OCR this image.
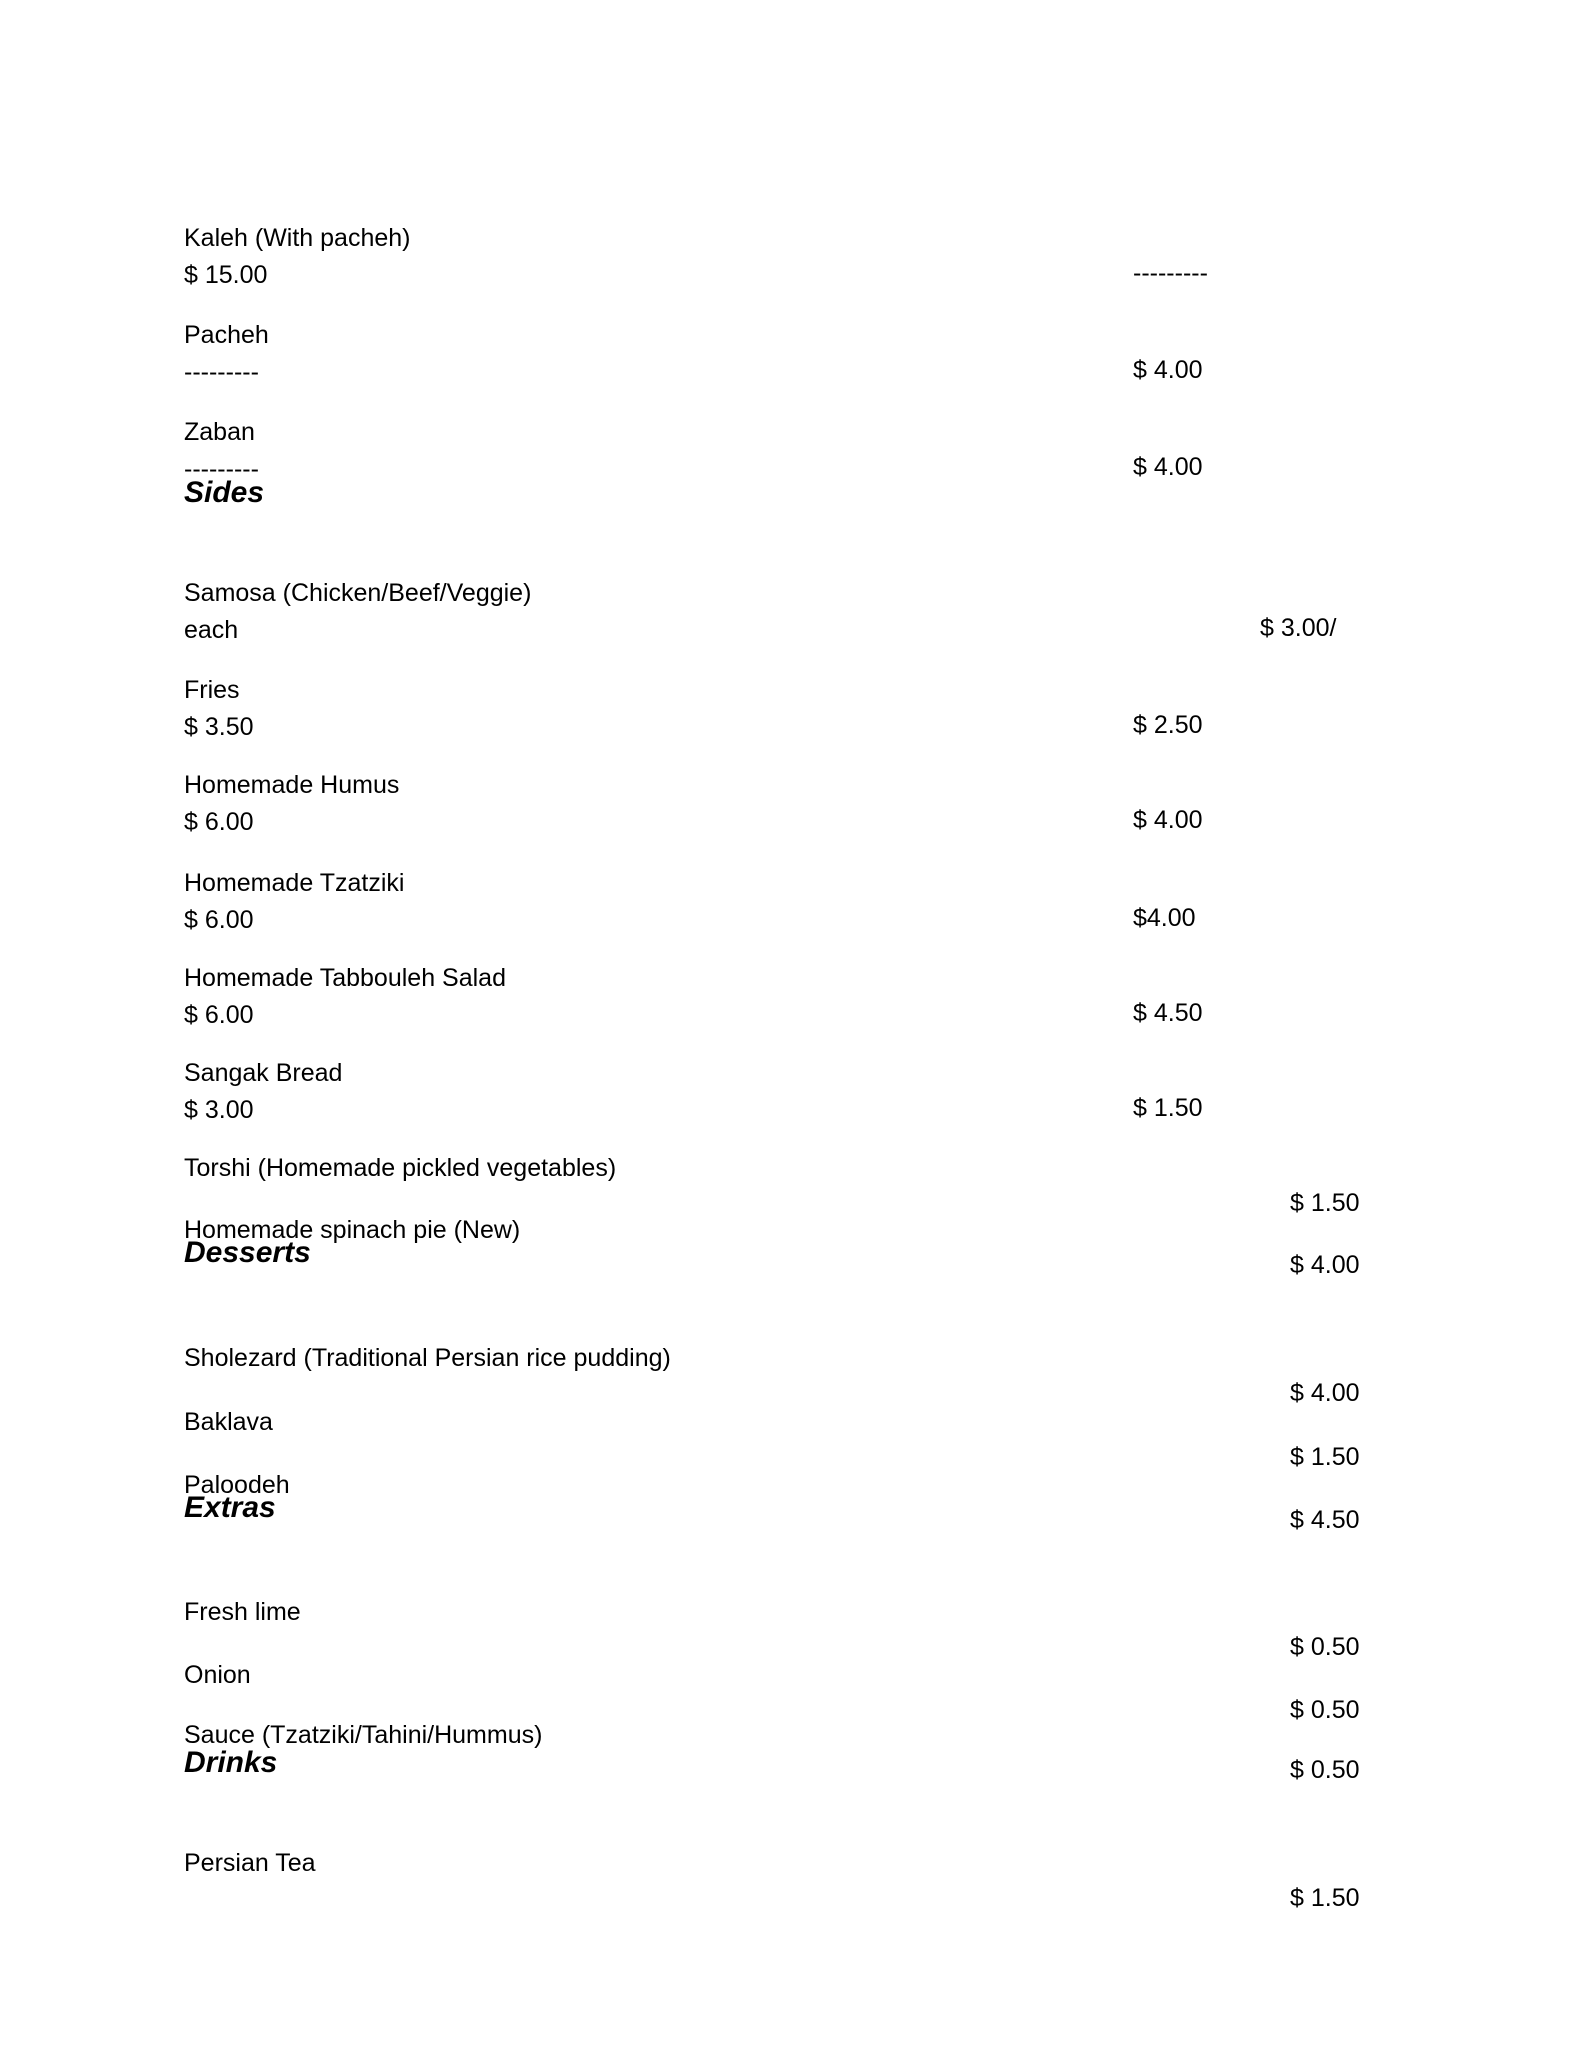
Kaleh (With pacheh)

---------

$ 15.00

Pacheh

$ 4.00

---------

Zaban

$ 4.00

---------

Sides

Samosa (Chicken/Beef/Veggie)

$ 3.00/

each

Fries

$ 2.50

$ 3.50

Homemade Humus

$ 4.00

$ 6.00

Homemade Tzatziki

$4.00

$ 6.00

Homemade Tabbouleh Salad

$ 4.50

$ 6.00

Sangak Bread

$ 1.50

$ 3.00

Torshi (Homemade pickled vegetables)

$ 1.50

Homemade spinach pie (New)

$ 4.00

Desserts

Sholezard (Traditional Persian rice pudding)

$ 4.00

Baklava

$ 1.50

Paloodeh

$ 4.50

Extras

Fresh lime

$ 0.50

Onion

$ 0.50

Sauce (Tzatziki/Tahini/Hummus)

$ 0.50

Drinks

Persian Tea

$ 1.50
